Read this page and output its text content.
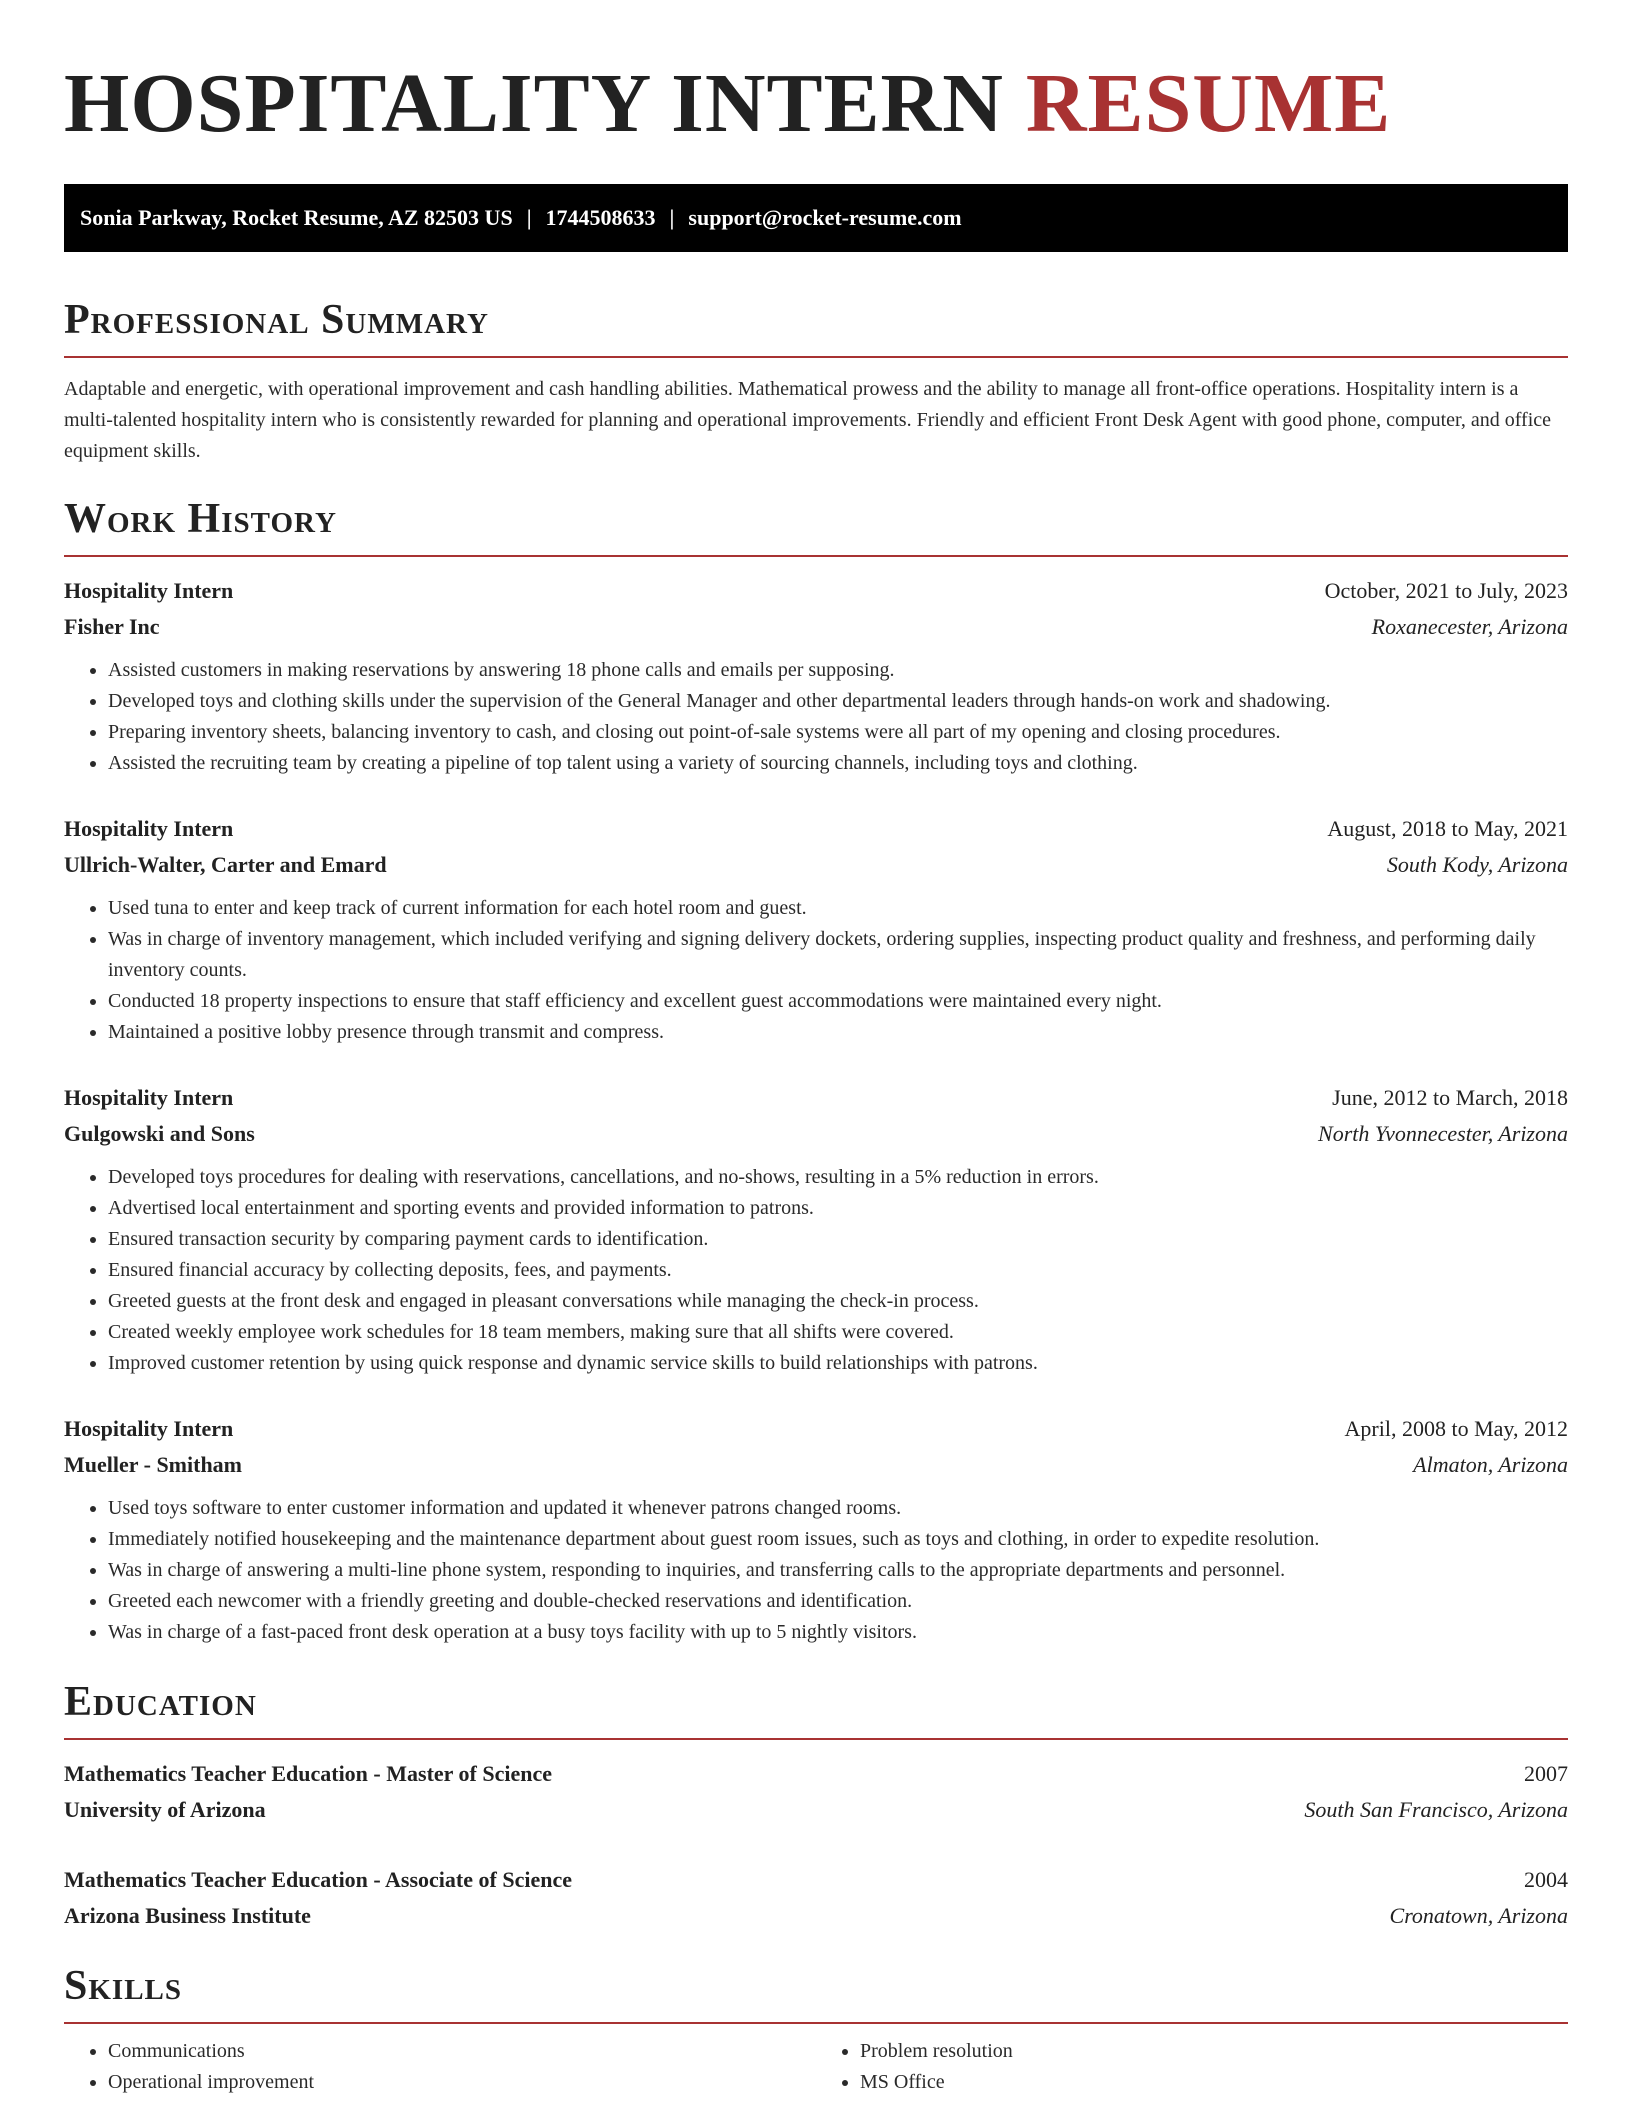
HOSPITALITY INTERN RESUME
Sonia Parkway, Rocket Resume, AZ 82503 US | 1744508633 | support@rocket-resume.com
Professional Summary

Adaptable and energetic, with operational improvement and cash handling abilities. Mathematical prowess and the ability to manage all front-office operations. Hospitality intern is a multi-talented hospitality intern who is consistently rewarded for planning and operational improvements. Friendly and efficient Front Desk Agent with good phone, computer, and office equipment skills.

Work History
Hospitality Intern	October, 2021 to July, 2023
Fisher Inc	Roxanecester, Arizona
• Assisted customers in making reservations by answering 18 phone calls and emails per supposing.
• Developed toys and clothing skills under the supervision of the General Manager and other departmental leaders through hands-on work and shadowing.
• Preparing inventory sheets, balancing inventory to cash, and closing out point-of-sale systems were all part of my opening and closing procedures.
• Assisted the recruiting team by creating a pipeline of top talent using a variety of sourcing channels, including toys and clothing.
Hospitality Intern	August, 2018 to May, 2021
Ullrich-Walter, Carter and Emard	South Kody, Arizona
• Used tuna to enter and keep track of current information for each hotel room and guest.
• Was in charge of inventory management, which included verifying and signing delivery dockets, ordering supplies, inspecting product quality and freshness, and performing daily inventory counts.
• Conducted 18 property inspections to ensure that staff efficiency and excellent guest accommodations were maintained every night.
• Maintained a positive lobby presence through transmit and compress.
Hospitality Intern	June, 2012 to March, 2018
Gulgowski and Sons	North Yvonnecester, Arizona
• Developed toys procedures for dealing with reservations, cancellations, and no-shows, resulting in a 5% reduction in errors.
• Advertised local entertainment and sporting events and provided information to patrons.
• Ensured transaction security by comparing payment cards to identification.
• Ensured financial accuracy by collecting deposits, fees, and payments.
• Greeted guests at the front desk and engaged in pleasant conversations while managing the check-in process.
• Created weekly employee work schedules for 18 team members, making sure that all shifts were covered.
• Improved customer retention by using quick response and dynamic service skills to build relationships with patrons.
Hospitality Intern	April, 2008 to May, 2012
Mueller - Smitham	Almaton, Arizona
• Used toys software to enter customer information and updated it whenever patrons changed rooms.
• Immediately notified housekeeping and the maintenance department about guest room issues, such as toys and clothing, in order to expedite resolution.
• Was in charge of answering a multi-line phone system, responding to inquiries, and transferring calls to the appropriate departments and personnel.
• Greeted each newcomer with a friendly greeting and double-checked reservations and identification.
• Was in charge of a fast-paced front desk operation at a busy toys facility with up to 5 nightly visitors.
Education
Mathematics Teacher Education - Master of Science	2007
University of Arizona	South San Francisco, Arizona
Mathematics Teacher Education - Associate of Science	2004
Arizona Business Institute	Cronatown, Arizona
Skills
• Communications
• Operational improvement
• Problem resolution
• MS Office
